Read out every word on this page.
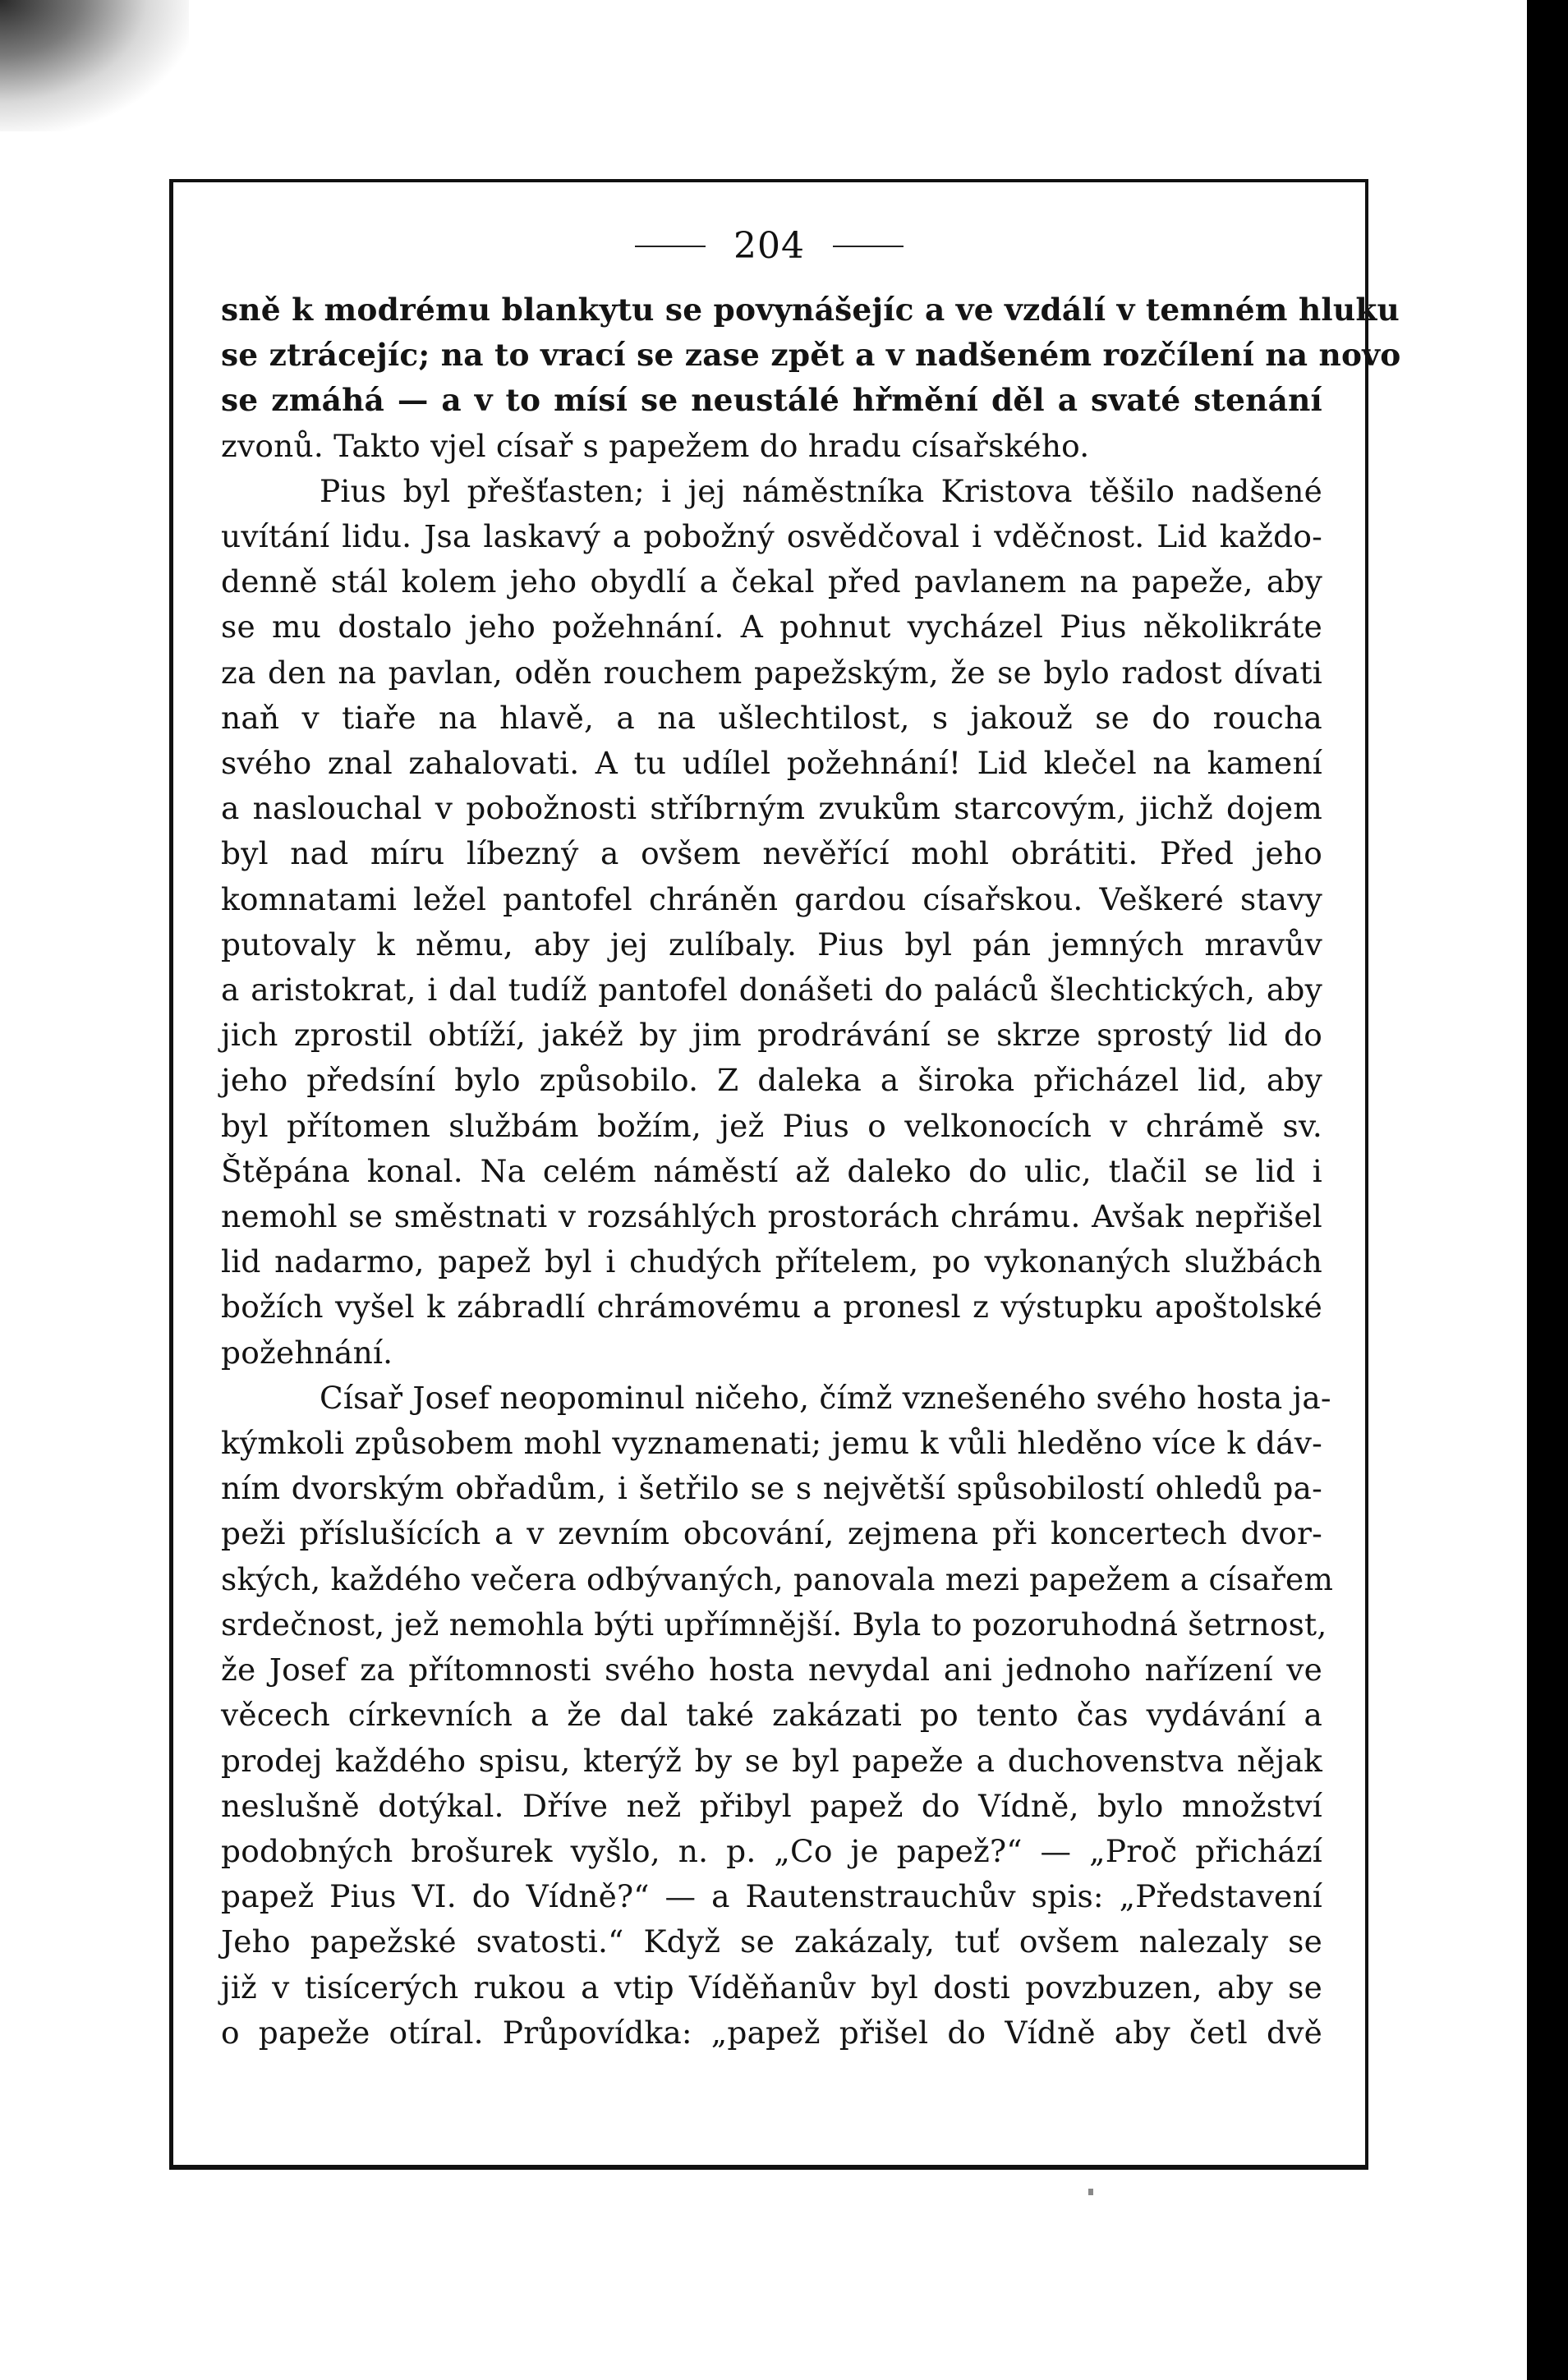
204

sně k modrému blankytu se povynášejíc a ve vzdálí v temném hluku

se ztrácejíc; na to vrací se zase zpět a v nadšeném rozčílení na novo

se zmáhá — a v to mísí se neustálé hřmění děl a svaté stenání

zvonů. Takto vjel císař s papežem do hradu císařského.

Pius byl přešťasten; i jej náměstníka Kristova těšilo nadšené

uvítání lidu. Jsa laskavý a pobožný osvědčoval i vděčnost. Lid každo-

denně stál kolem jeho obydlí a čekal před pavlanem na papeže, aby

se mu dostalo jeho požehnání. A pohnut vycházel Pius několikráte

za den na pavlan, oděn rouchem papežským, že se bylo radost dívati

naň v tiaře na hlavě, a na ušlechtilost, s jakouž se do roucha

svého znal zahalovati. A tu udílel požehnání! Lid klečel na kamení

a naslouchal v pobožnosti stříbrným zvukům starcovým, jichž dojem

byl nad míru líbezný a ovšem nevěřící mohl obrátiti. Před jeho

komnatami ležel pantofel chráněn gardou císařskou. Veškeré stavy

putovaly k němu, aby jej zulíbaly. Pius byl pán jemných mravův

a aristokrat, i dal tudíž pantofel donášeti do paláců šlechtických, aby

jich zprostil obtíží, jakéž by jim prodrávání se skrze sprostý lid do

jeho předsíní bylo způsobilo. Z daleka a široka přicházel lid, aby

byl přítomen službám božím, jež Pius o velkonocích v chrámě sv.

Štěpána konal. Na celém náměstí až daleko do ulic, tlačil se lid i

nemohl se směstnati v rozsáhlých prostorách chrámu. Avšak nepřišel

lid nadarmo, papež byl i chudých přítelem, po vykonaných službách

božích vyšel k zábradlí chrámovému a pronesl z výstupku apoštolské

požehnání.

Císař Josef neopominul ničeho, čímž vznešeného svého hosta ja-

kýmkoli způsobem mohl vyznamenati; jemu k vůli hleděno více k dáv-

ním dvorským obřadům, i šetřilo se s největší spůsobilostí ohledů pa-

peži příslušících a v zevním obcování, zejmena při koncertech dvor-

ských, každého večera odbývaných, panovala mezi papežem a císařem

srdečnost, jež nemohla býti upřímnější. Byla to pozoruhodná šetrnost,

že Josef za přítomnosti svého hosta nevydal ani jednoho nařízení ve

věcech církevních a že dal také zakázati po tento čas vydávání a

prodej každého spisu, kterýž by se byl papeže a duchovenstva nějak

neslušně dotýkal. Dříve než přibyl papež do Vídně, bylo množství

podobných brošurek vyšlo, n. p. „Co je papež?“ — „Proč přichází

papež Pius VI. do Vídně?“ — a Rautenstrauchův spis: „Představení

Jeho papežské svatosti.“ Když se zakázaly, tuť ovšem nalezaly se

již v tisícerých rukou a vtip Víděňanův byl dosti povzbuzen, aby se

o papeže otíral. Průpovídka: „papež přišel do Vídně aby četl dvě
